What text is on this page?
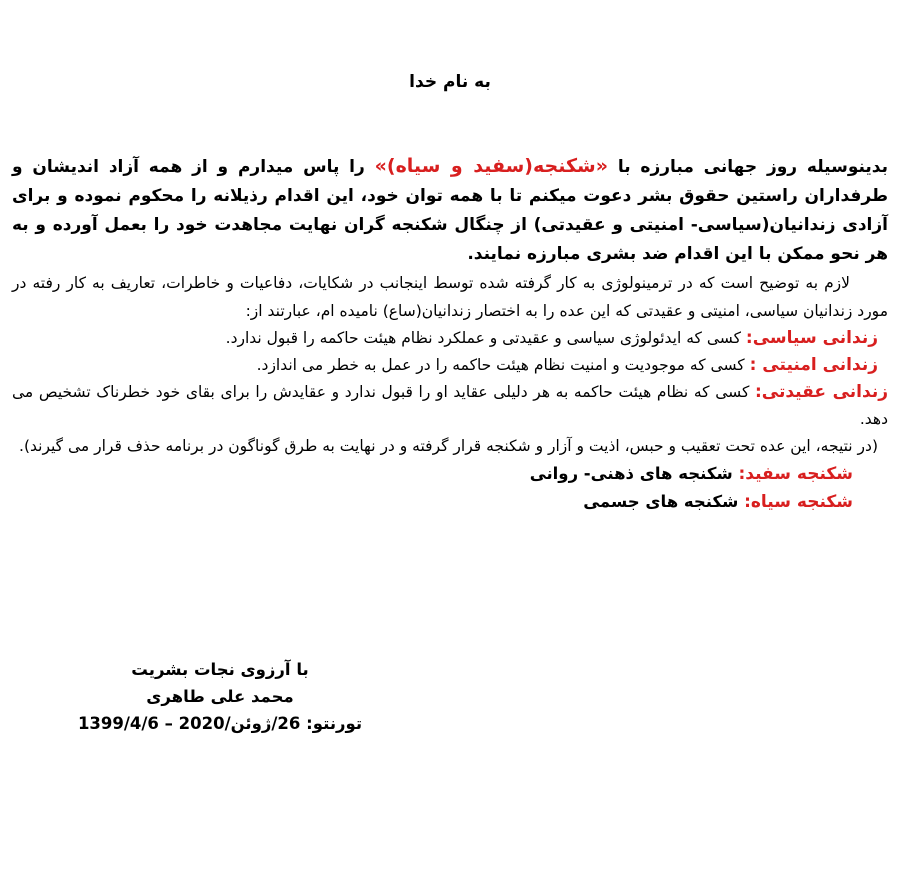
به نام خدا
بدینوسیله روز جهانی مبارزه با «شکنجه(سفید و سیاه)» را پاس میدارم و از همه آزاد اندیشان و طرفداران راستین حقوق بشر دعوت میکنم تا با همه توان خود، این اقدام رذیلانه را محکوم نموده و برای آزادی زندانیان(سیاسی- امنیتی و عقیدتی) از چنگال شکنجه گران نهایت مجاهدت خود را بعمل آورده و به هر نحو ممکن با این اقدام ضد بشری مبارزه نمایند.
لازم به توضیح است که در ترمینولوژی به کار گرفته شده توسط اینجانب در شکایات، دفاعیات و خاطرات، تعاریف به کار رفته در مورد زندانیان سیاسی، امنیتی و عقیدتی که این عده را به اختصار زندانیان(ساع) نامیده ام، عبارتند از:
زندانی سیاسی: کسی که ایدئولوژی سیاسی و عقیدتی و عملکرد نظام هیئت حاکمه را قبول ندارد.
زندانی امنیتی : کسی که موجودیت و امنیت نظام هیئت حاکمه را در عمل به خطر می اندازد.
زندانی عقیدتی: کسی که نظام هیئت حاکمه به هر دلیلی عقاید او را قبول ندارد و عقایدش را برای بقای خود خطرناک تشخیص می دهد.
(در نتیجه، این عده تحت تعقیب و حبس، اذیت و آزار و شکنجه قرار گرفته و در نهایت به طرق گوناگون در برنامه حذف قرار می گیرند).
شکنجه سفید: شکنجه های ذهنی- روانی
شکنجه سیاه: شکنجه های جسمی
با آرزوی نجات بشریت
محمد علی طاهری
تورنتو: 26/ژوئن/2020 – 1399/4/6
